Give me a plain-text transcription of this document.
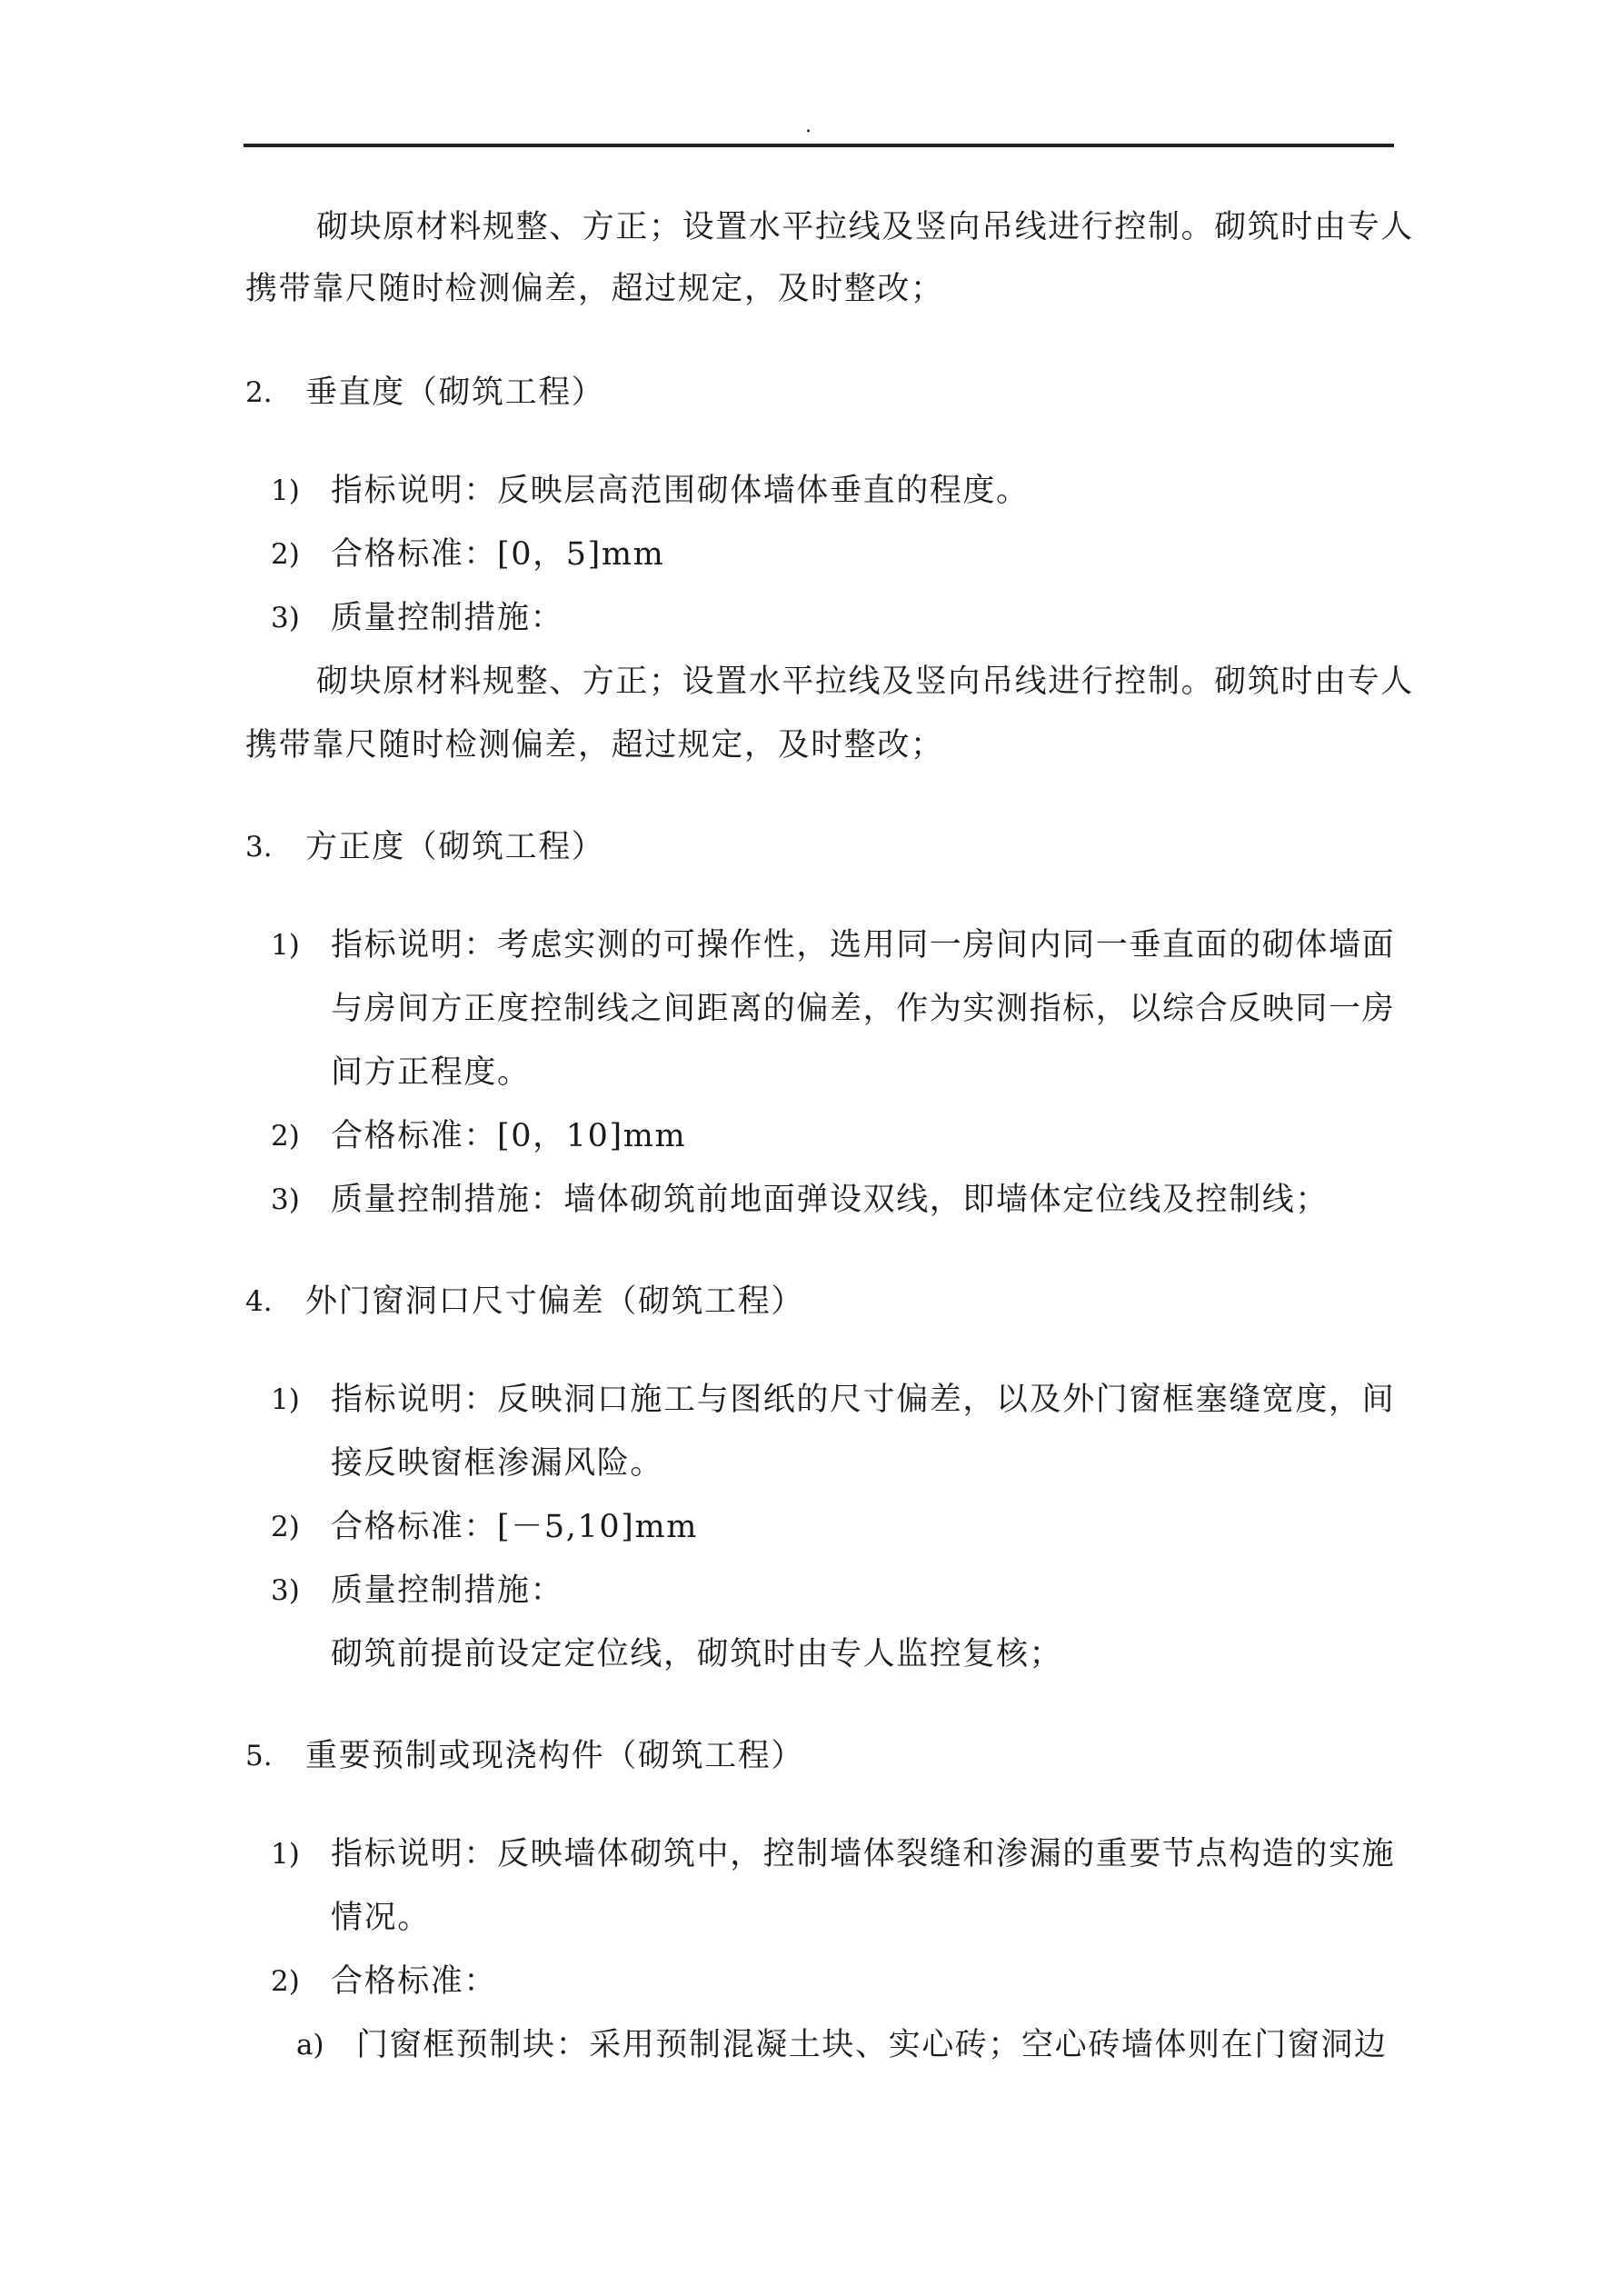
.
砌块原材料规整、方正；设置水平拉线及竖向吊线进行控制。砌筑时由专人
携带靠尺随时检测偏差，超过规定，及时整改；
2. 垂直度（砌筑工程）
1) 指标说明：反映层高范围砌体墙体垂直的程度。
2) 合格标准：[0，5]mm
3) 质量控制措施：
砌块原材料规整、方正；设置水平拉线及竖向吊线进行控制。砌筑时由专人
携带靠尺随时检测偏差，超过规定，及时整改；
3. 方正度（砌筑工程）
1) 指标说明：考虑实测的可操作性，选用同一房间内同一垂直面的砌体墙面
与房间方正度控制线之间距离的偏差，作为实测指标，以综合反映同一房
间方正程度。
2) 合格标准：[0，10]mm
3) 质量控制措施：墙体砌筑前地面弹设双线，即墙体定位线及控制线；
4. 外门窗洞口尺寸偏差（砌筑工程）
1) 指标说明：反映洞口施工与图纸的尺寸偏差，以及外门窗框塞缝宽度，间
接反映窗框渗漏风险。
2) 合格标准：[－5,10]mm
3) 质量控制措施：
砌筑前提前设定定位线，砌筑时由专人监控复核；
5. 重要预制或现浇构件（砌筑工程）
1) 指标说明：反映墙体砌筑中，控制墙体裂缝和渗漏的重要节点构造的实施
情况。
2) 合格标准：
a) 门窗框预制块：采用预制混凝土块、实心砖；空心砖墙体则在门窗洞边
